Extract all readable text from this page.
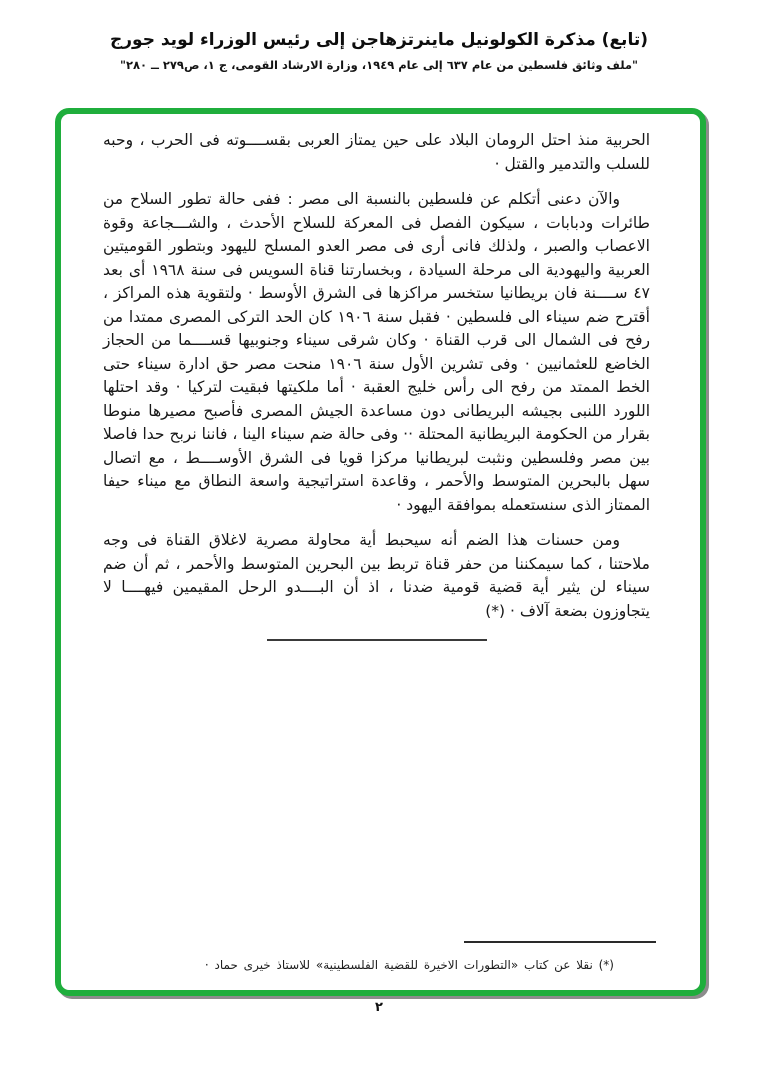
(تابع) مذكرة الكولونيل ماينرتزهاجن إلى رئيس الوزراء لويد جورج
"ملف وثائق فلسطين من عام ٦٣٧ إلى عام ١٩٤٩، وزارة الارشاد القومى، ج ١، ص٢٧٩ ــ ٢٨٠"

الحربية منذ احتل الرومان البلاد على حين يمتاز العربى بقســــوته فى الحرب ، وحبه للسلب والتدمير والقتل ·

والآن دعنى أتكلم عن فلسطين بالنسبة الى مصر : ففى حالة تطور السلاح من طائرات ودبابات ، سيكون الفصل فى المعركة للسلاح الأحدث ، والشـــجاعة وقوة الاعصاب والصبر ، ولذلك فانى أرى فى مصر العدو المسلح لليهود وبتطور القوميتين العربية واليهودية الى مرحلة السيادة ، وبخسارتنا قناة السويس فى سنة ١٩٦٨ أى بعد ٤٧ ســــنة فان بريطانيا ستخسر مراكزها فى الشرق الأوسط · ولتقوية هذه المراكز ، أقترح ضم سيناء الى فلسطين · فقبل سنة ١٩٠٦ كان الحد التركى المصرى ممتدا من رفح فى الشمال الى قرب القناة · وكان شرقى سيناء وجنوبيها قســــما من الحجاز الخاضع للعثمانيين · وفى تشرين الأول سنة ١٩٠٦ منحت مصر حق ادارة سيناء حتى الخط الممتد من رفح الى رأس خليج العقبة · أما ملكيتها فبقيت لتركيا · وقد احتلها اللورد اللنبى بجيشه البريطانى دون مساعدة الجيش المصرى فأصبح مصيرها منوطا بقرار من الحكومة البريطانية المحتلة ·· وفى حالة ضم سيناء الينا ، فاننا نربح حدا فاصلا بين مصر وفلسطين ونثبت لبريطانيا مركزا قويا فى الشرق الأوســــط ، مع اتصال سهل بالبحرين المتوسط والأحمر ، وقاعدة استراتيجية واسعة النطاق مع ميناء حيفا الممتاز الذى سنستعمله بموافقة اليهود ·

ومن حسنات هذا الضم أنه سيحبط أية محاولة مصرية لاغلاق القناة فى وجه ملاحتنا ، كما سيمكننا من حفر قناة تربط بين البحرين المتوسط والأحمر ، ثم أن ضم سيناء لن يثير أية قضية قومية ضدنا ، اذ أن البــــدو الرحل المقيمين فيهــــا لا يتجاوزون بضعة آلاف · (*)

(*) نقلا عن كتاب «التطورات الاخيرة للقضية الفلسطينية» للاستاذ خيرى حماد ·
٢
